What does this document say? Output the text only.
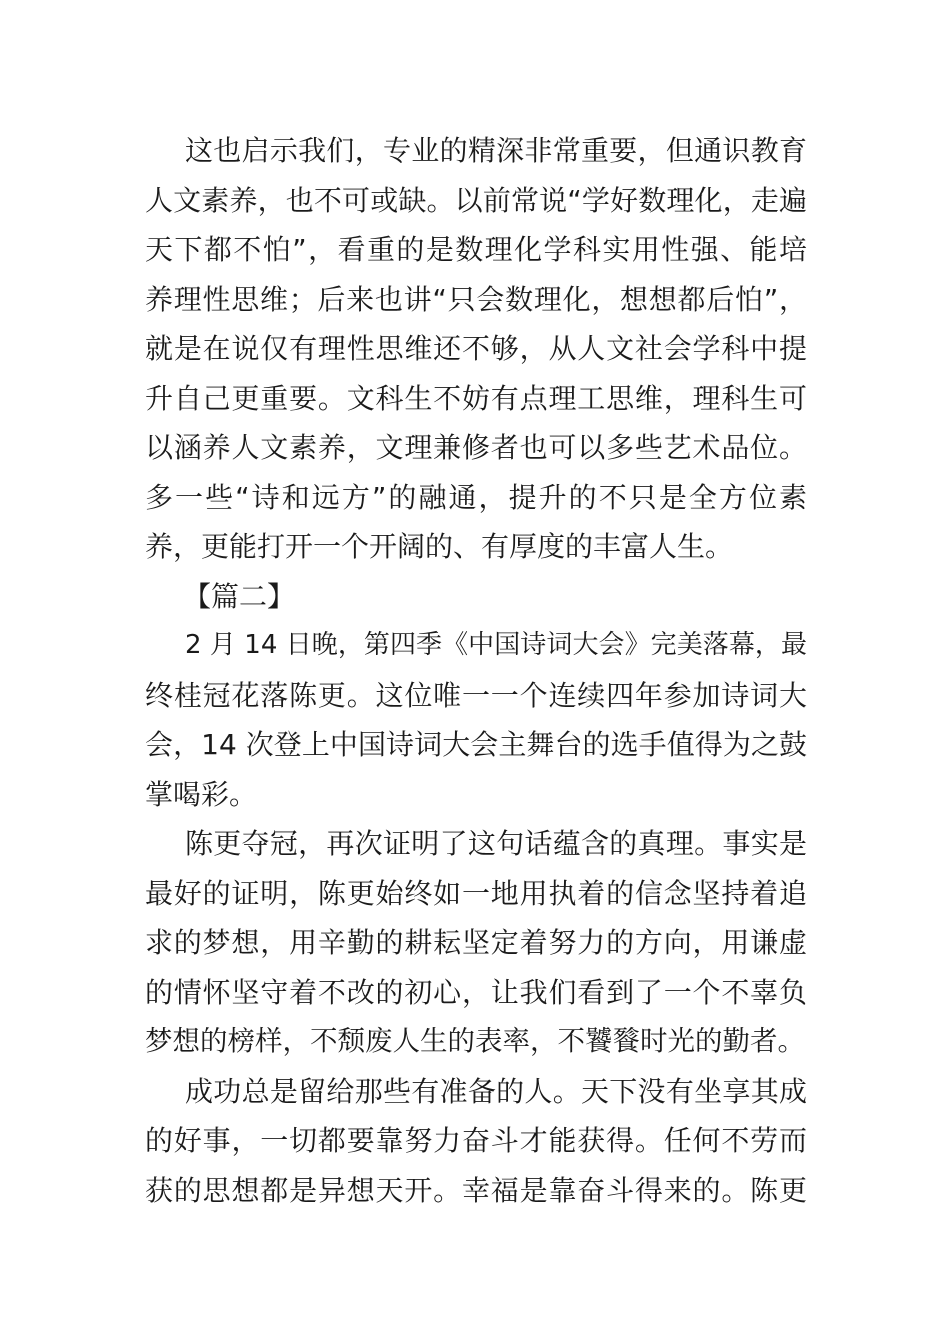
这也启示我们，专业的精深非常重要，但通识教育
人文素养，也不可或缺。以前常说“学好数理化，走遍
天下都不怕”，看重的是数理化学科实用性强、能培
养理性思维；后来也讲“只会数理化，想想都后怕”，
就是在说仅有理性思维还不够，从人文社会学科中提
升自己更重要。文科生不妨有点理工思维，理科生可
以涵养人文素养，文理兼修者也可以多些艺术品位。
多一些“诗和远方”的融通，提升的不只是全方位素
养，更能打开一个开阔的、有厚度的丰富人生。
【篇二】
2 月 14 日晚，第四季《中国诗词大会》完美落幕，最
终桂冠花落陈更。这位唯一一个连续四年参加诗词大
会，14 次登上中国诗词大会主舞台的选手值得为之鼓
掌喝彩。
陈更夺冠，再次证明了这句话蕴含的真理。事实是
最好的证明，陈更始终如一地用执着的信念坚持着追
求的梦想，用辛勤的耕耘坚定着努力的方向，用谦虚
的情怀坚守着不改的初心，让我们看到了一个不辜负
梦想的榜样，不颓废人生的表率，不饕餮时光的勤者。
成功总是留给那些有准备的人。天下没有坐享其成
的好事，一切都要靠努力奋斗才能获得。任何不劳而
获的思想都是异想天开。幸福是靠奋斗得来的。陈更
